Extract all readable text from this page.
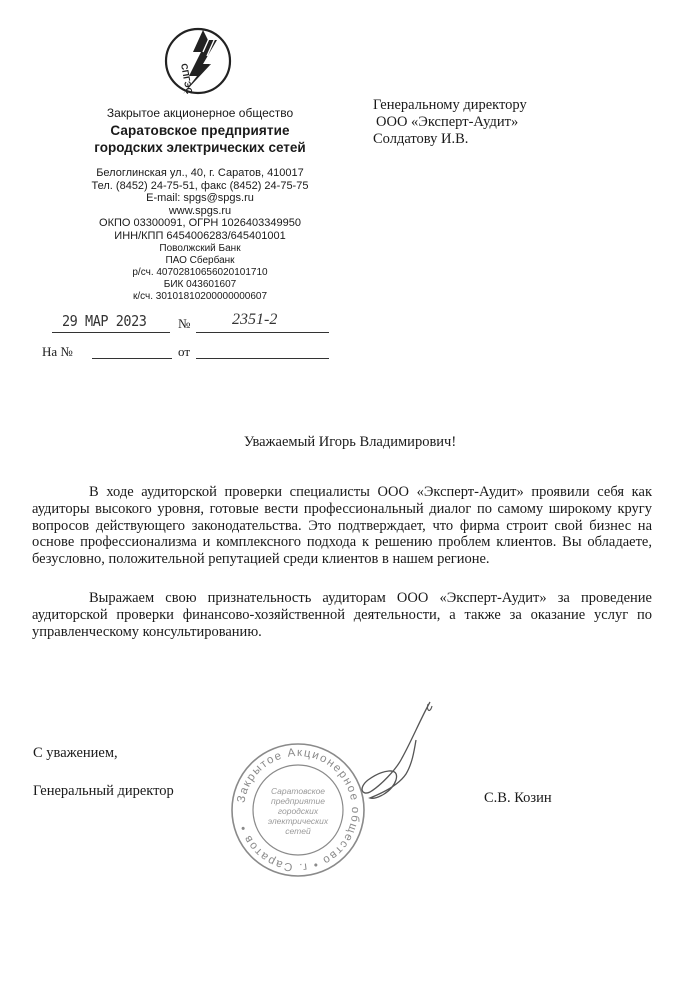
СПГЭС
Закрытое акционерное общество
Саратовское предприятие
городских электрических сетей
Белоглинская ул., 40, г. Саратов, 410017
Тел. (8452) 24-75-51, факс (8452) 24-75-75
E-mail: spgs@spgs.ru
www.spgs.ru
ОКПО 03300091, ОГРН 1026403349950
ИНН/КПП 6454006283/645401001
Поволжский Банк
ПАО Сбербанк
р/сч. 40702810656020101710
БИК 043601607
к/сч. 30101810200000000607
29 МАР 2023 №	2351-2
На №	от
Генеральному директору
ООО «Эксперт-Аудит»
Солдатову И.В.
Уважаемый Игорь Владимирович!

В ходе аудиторской проверки специалисты ООО «Эксперт-Аудит» проявили себя как аудиторы высокого уровня, готовые вести профессиональный диалог по самому широкому кругу вопросов действующего законодательства. Это подтверждает, что фирма строит свой бизнес на основе профессионализма и комплексного подхода к решению проблем клиентов. Вы обладаете, безусловно, положительной репутацией среди клиентов в нашем регионе.

Выражаем свою признательность аудиторам ООО «Эксперт-Аудит» за проведение аудиторской проверки финансово-хозяйственной деятельности, а также за оказание услуг по управленческому консультированию.

С уважением,
Генеральный директор	С.В. Козин
Закрытое Акционерное общество • г. Саратов •
Саратовское предприятие городских электрических сетей
